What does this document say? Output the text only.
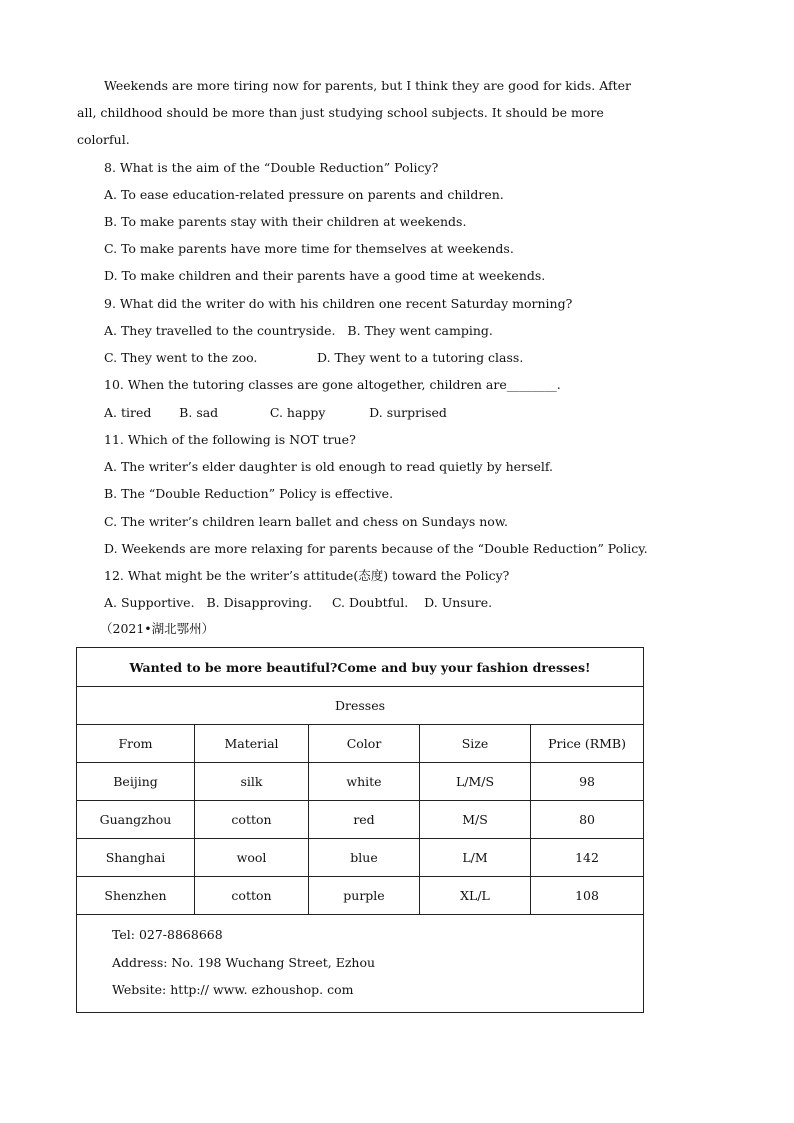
Weekends are more tiring now for parents, but I think they are good for kids. After
all, childhood should be more than just studying school subjects. It should be more
colorful.
8. What is the aim of the “Double Reduction” Policy?
A. To ease education-related pressure on parents and children.
B. To make parents stay with their children at weekends.
C. To make parents have more time for themselves at weekends.
D. To make children and their parents have a good time at weekends.
9. What did the writer do with his children one recent Saturday morning?
A. They travelled to the countryside.   B. They went camping.
C. They went to the zoo.               D. They went to a tutoring class.
10. When the tutoring classes are gone altogether, children are________.
A. tired       B. sad             C. happy           D. surprised
11. Which of the following is NOT true?
A. The writer’s elder daughter is old enough to read quietly by herself.
B. The “Double Reduction” Policy is effective.
C. The writer’s children learn ballet and chess on Sundays now.
D. Weekends are more relaxing for parents because of the “Double Reduction” Policy.
12. What might be the writer’s attitude(态度) toward the Policy?
A. Supportive.   B. Disapproving.     C. Doubtful.    D. Unsure.
（2021•湖北鄂州）
Wanted to be more beautiful?Come and buy your fashion dresses!				
Dresses				
From	Material	Color	Size	Price (RMB)
Beijing	silk	white	L/M/S	98
Guangzhou	cotton	red	M/S	80
Shanghai	wool	blue	L/M	142
Shenzhen	cotton	purple	XL/L	108

Tel: 027-8868668
Address: No. 198 Wuchang Street, Ezhou
Website: http:// www. ezhoushop. com				
